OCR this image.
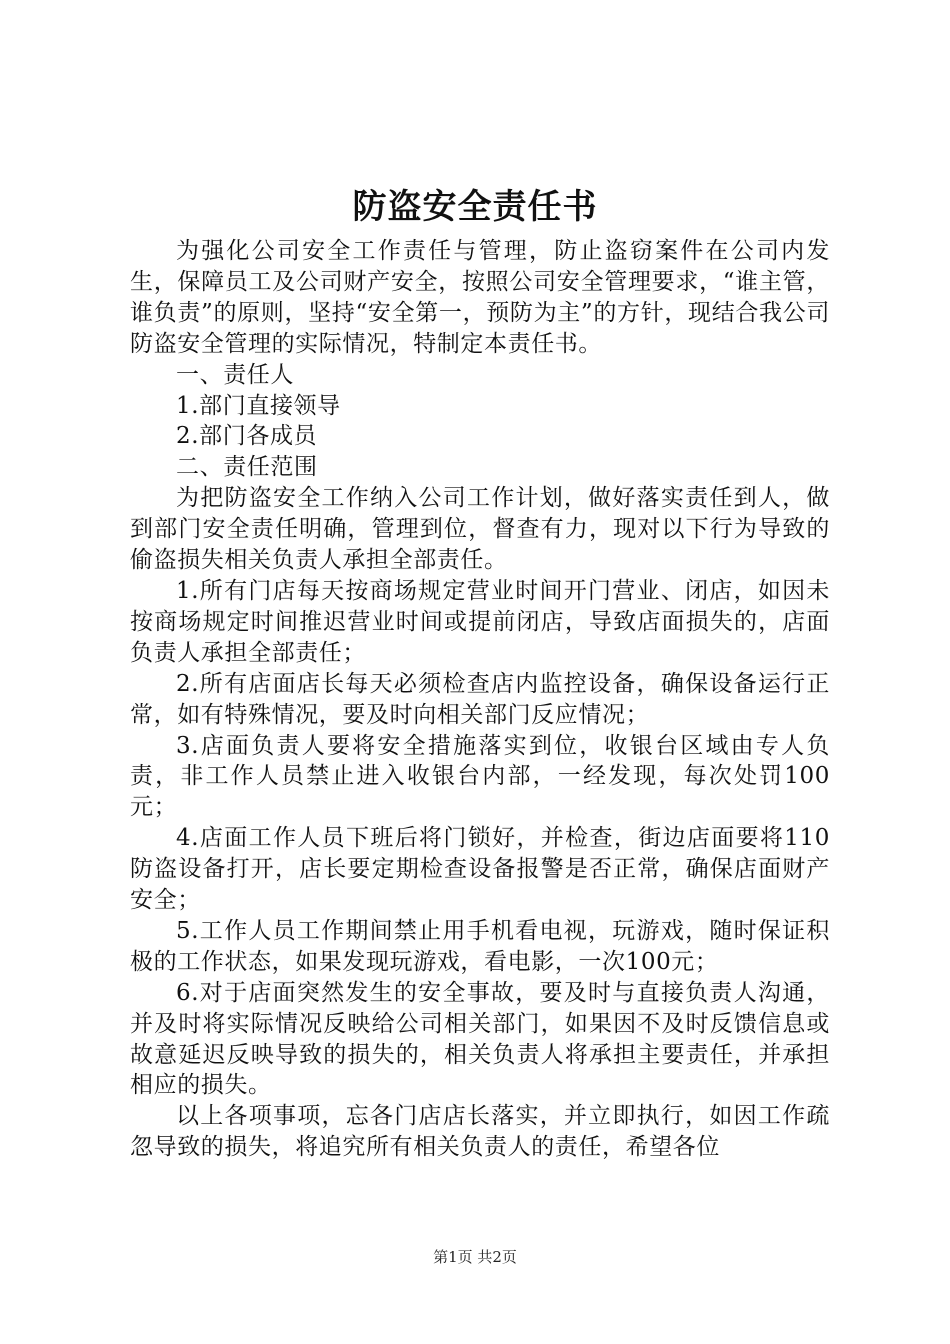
防盗安全责任书

为强化公司安全工作责任与管理，防止盗窃案件在公司内发生，保障员工及公司财产安全，按照公司安全管理要求，“谁主管，谁负责”的原则，坚持“安全第一，预防为主”的方针，现结合我公司防盗安全管理的实际情况，特制定本责任书。

一、责任人

1.部门直接领导

2.部门各成员

二、责任范围

为把防盗安全工作纳入公司工作计划，做好落实责任到人，做到部门安全责任明确，管理到位，督查有力，现对以下行为导致的偷盗损失相关负责人承担全部责任。

1.所有门店每天按商场规定营业时间开门营业、闭店，如因未按商场规定时间推迟营业时间或提前闭店，导致店面损失的，店面负责人承担全部责任；

2.所有店面店长每天必须检查店内监控设备，确保设备运行正常，如有特殊情况，要及时向相关部门反应情况；

3.店面负责人要将安全措施落实到位，收银台区域由专人负责，非工作人员禁止进入收银台内部，一经发现，每次处罚100元；

4.店面工作人员下班后将门锁好，并检查，街边店面要将110防盗设备打开，店长要定期检查设备报警是否正常，确保店面财产安全；

5.工作人员工作期间禁止用手机看电视，玩游戏，随时保证积极的工作状态，如果发现玩游戏，看电影，一次100元；

6.对于店面突然发生的安全事故，要及时与直接负责人沟通，并及时将实际情况反映给公司相关部门，如果因不及时反馈信息或故意延迟反映导致的损失的，相关负责人将承担主要责任，并承担相应的损失。

以上各项事项，忘各门店店长落实，并立即执行，如因工作疏忽导致的损失，将追究所有相关负责人的责任，希望各位

第1页 共2页
